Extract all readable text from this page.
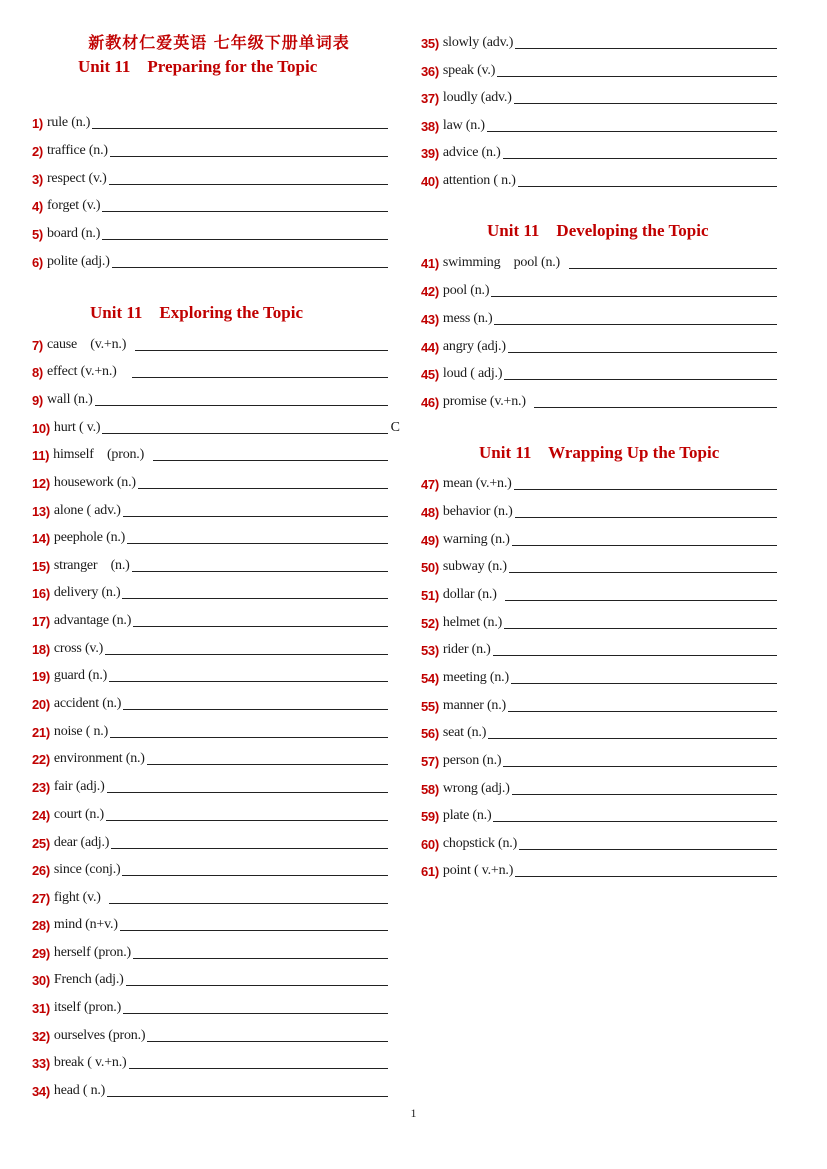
新教材仁爱英语 七年级下册单词表
Unit 11    Preparing for the Topic
Unit 11    Exploring the Topic
1) rule (n.)
2) traffice (n.)
3) respect (v.)
4) forget (v.)
5) board (n.)
6) polite (adj.)
7) cause    (v.+n.)
8) effect (v.+n.)
9) wall (n.)
10) hurt ( v.)	C
11) himself    (pron.)
12) housework (n.)
13) alone ( adv.)
14) peephole (n.)
15) stranger    (n.)
16) delivery (n.)
17) advantage (n.)
18) cross (v.)
19) guard (n.)
20) accident (n.)
21) noise ( n.)
22) environment (n.)
23) fair (adj.)
24) court (n.)
25) dear (adj.)
26) since (conj.)
27) fight (v.)
28) mind (n+v.)
29) herself (pron.)
30) French (adj.)
31) itself (pron.)
32) ourselves (pron.)
33) break ( v.+n.)
34) head ( n.)
Unit 11    Developing the Topic
Unit 11    Wrapping Up the Topic
35) slowly (adv.)
36) speak (v.)
37) loudly (adv.)
38) law (n.)
39) advice (n.)
40) attention ( n.)
41) swimming    pool (n.)
42) pool (n.)
43) mess (n.)
44) angry (adj.)
45) loud ( adj.)
46) promise (v.+n.)
47) mean (v.+n.)
48) behavior (n.)
49) warning (n.)
50) subway (n.)
51) dollar (n.)
52) helmet (n.)
53) rider (n.)
54) meeting (n.)
55) manner (n.)
56) seat (n.)
57) person (n.)
58) wrong (adj.)
59) plate (n.)
60) chopstick (n.)
61) point ( v.+n.)
1
